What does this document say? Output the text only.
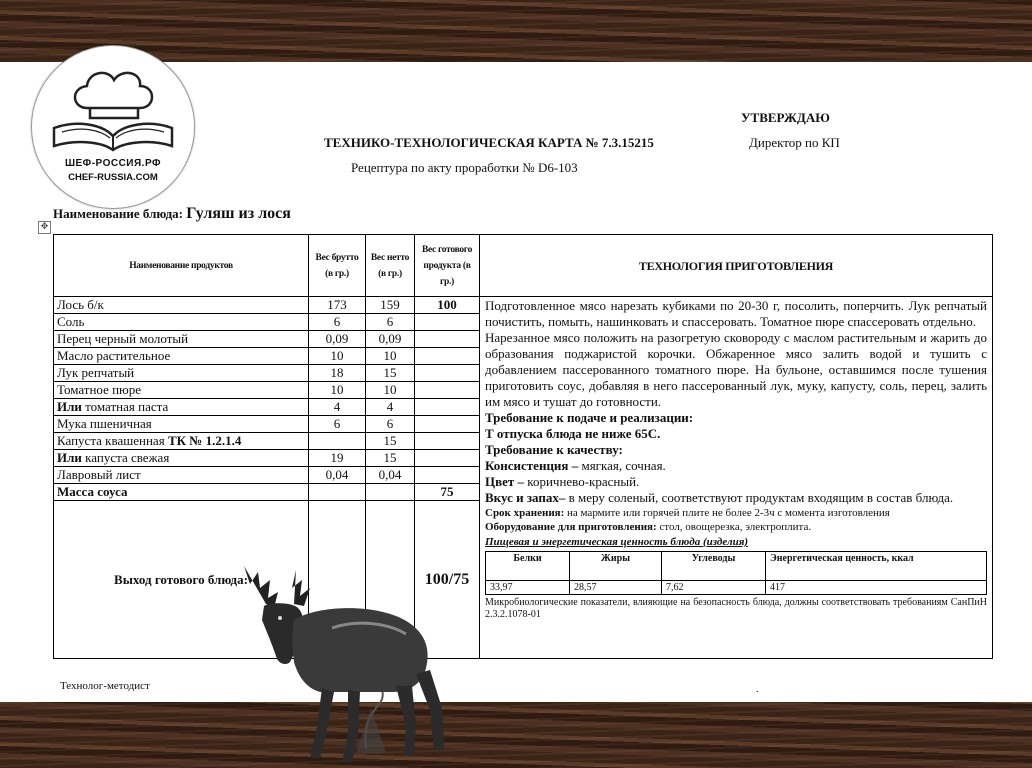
ШЕФ-РОССИЯ.РФ
CHEF-RUSSIA.COM
УТВЕРЖДАЮ
Директор по КП
ТЕХНИКО-ТЕХНОЛОГИЧЕСКАЯ КАРТА № 7.3.15215
Рецептура по акту проработки № D6-103
Наименование блюда: Гуляш из лося
✥
Наименование продуктов	Вес брутто (в гр.)	Вес нетто (в гр.)	Вес готового продукта (в гр.)	ТЕХНОЛОГИЯ ПРИГОТОВЛЕНИЯ
Лось б/к	173	159	100	Подготовленное мясо нарезать кубиками по 20-30 г, посолить, поперчить. Лук репчатый почистить, помыть, нашинковать и спассеровать. Томатное пюре спассеровать отдельно.

Нарезанное мясо положить на разогретую сковороду с маслом растительным и жарить до образования поджаристой корочки. Обжаренное мясо залить водой и тушить с добавлением пассерованного томатного пюре. На бульоне, оставшимся после тушения приготовить соус, добавляя в него пассерованный лук, муку, капусту, соль, перец, залить им мясо и тушат до готовности.

Требование к подаче и реализации:

Т отпуска блюда не ниже 65С.

Требование к качеству:

Консистенция – мягкая, сочная.

Цвет – коричнево-красный.

Вкус и запах– в меру соленый, соответствуют продуктам входящим в состав блюда.

Срок хранения: на мармите или горячей плите не более 2-3ч с момента изготовления

Оборудование для приготовления: стол, овощерезка, электроплита.

Пищевая и энергетическая ценность блюда (изделия)

Белки	Жиры	Углеводы	Энергетическая ценность, ккал
33,97	28,57	7,62	417

Микробиологические показатели, влияющие на безопасность блюда, должны соответствовать требованиям СанПиН 2.3.2.1078-01

Соль	6	6	
Перец черный молотый	0,09	0,09	
Масло растительное	10	10	
Лук репчатый	18	15	
Томатное пюре	10	10	
Или томатная паста	4	4	
Мука пшеничная	6	6	
Капуста квашенная ТК № 1.2.1.4		15	
Или капуста свежая	19	15	
Лавровый лист	0,04	0,04	
Масса соуса			75
Выход готового блюда:			100/75
Технолог-методист	.
